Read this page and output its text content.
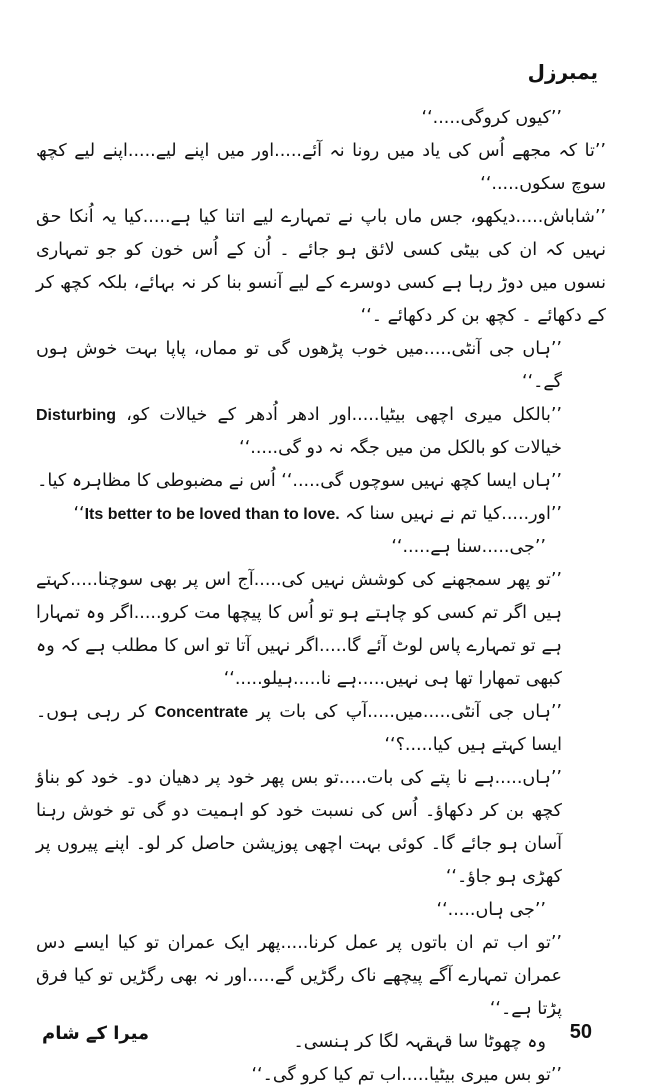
یمبرزل

’’کیوں کروگی.....‘‘

’’تا کہ مجھے اُس کی یاد میں رونا نہ آئے.....اور میں اپنے لیے.....اپنے لیے کچھ سوچ سکوں.....‘‘

’’شاباش.....دیکھو، جس ماں باپ نے تمہارے لیے اتنا کیا ہے.....کیا یہ اُنکا حق نہیں کہ ان کی بیٹی کسی لائق ہو جائے ۔ اُن کے اُس خون کو جو تمہاری نسوں میں دوڑ رہا ہے کسی دوسرے کے لیے آنسو بنا کر نہ بہائے، بلکہ کچھ کر کے دکھائے ۔ کچھ بن کر دکھائے ۔‘‘

’’ہاں جی آنٹی.....میں خوب پڑھوں گی تو مماں، پاپا بہت خوش ہوں گے۔‘‘

’’بالکل میری اچھی بیٹیا.....اور ادھر اُدھر کے خیالات کو، Disturbing خیالات کو بالکل من میں جگہ نہ دو گی.....‘‘

’’ہاں ایسا کچھ نہیں سوچوں گی.....‘‘ اُس نے مضبوطی کا مظاہرہ کیا۔

’’اور.....کیا تم نے نہیں سنا کہ Its better to be loved than to love.‘‘

’’جی.....سنا ہے.....‘‘

’’تو پھر سمجھنے کی کوشش نہیں کی.....آج اس پر بھی سوچنا.....کہتے ہیں اگر تم کسی کو چاہتے ہو تو اُس کا پیچھا مت کرو.....اگر وہ تمہارا ہے تو تمہارے پاس لوٹ آئے گا.....اگر نہیں آتا تو اس کا مطلب ہے کہ وہ کبھی تمھارا تھا ہی نہیں.....ہے نا.....ہیلو.....‘‘

’’ہاں جی آنٹی.....میں.....آپ کی بات پر Concentrate کر رہی ہوں۔ ایسا کہتے ہیں کیا.....؟‘‘

’’ہاں.....ہے نا پتے کی بات.....تو بس پھر خود پر دھیان دو۔ خود کو بناؤ کچھ بن کر دکھاؤ۔ اُس کی نسبت خود کو اہمیت دو گی تو خوش رہنا آسان ہو جائے گا۔ کوئی بہت اچھی پوزیشن حاصل کر لو۔ اپنے پیروں پر کھڑی ہو جاؤ۔‘‘

’’جی ہاں.....‘‘

’’تو اب تم ان باتوں پر عمل کرنا.....پھر ایک عمران تو کیا ایسے دس عمران تمہارے آگے پیچھے ناک رگڑیں گے.....اور نہ بھی رگڑیں تو کیا فرق پڑتا ہے۔‘‘

وہ چھوٹا سا قہقہہ لگا کر ہنسی۔

’’تو بس میری بیٹیا.....اب تم کیا کرو گی۔‘‘

میرا کے شام	50
